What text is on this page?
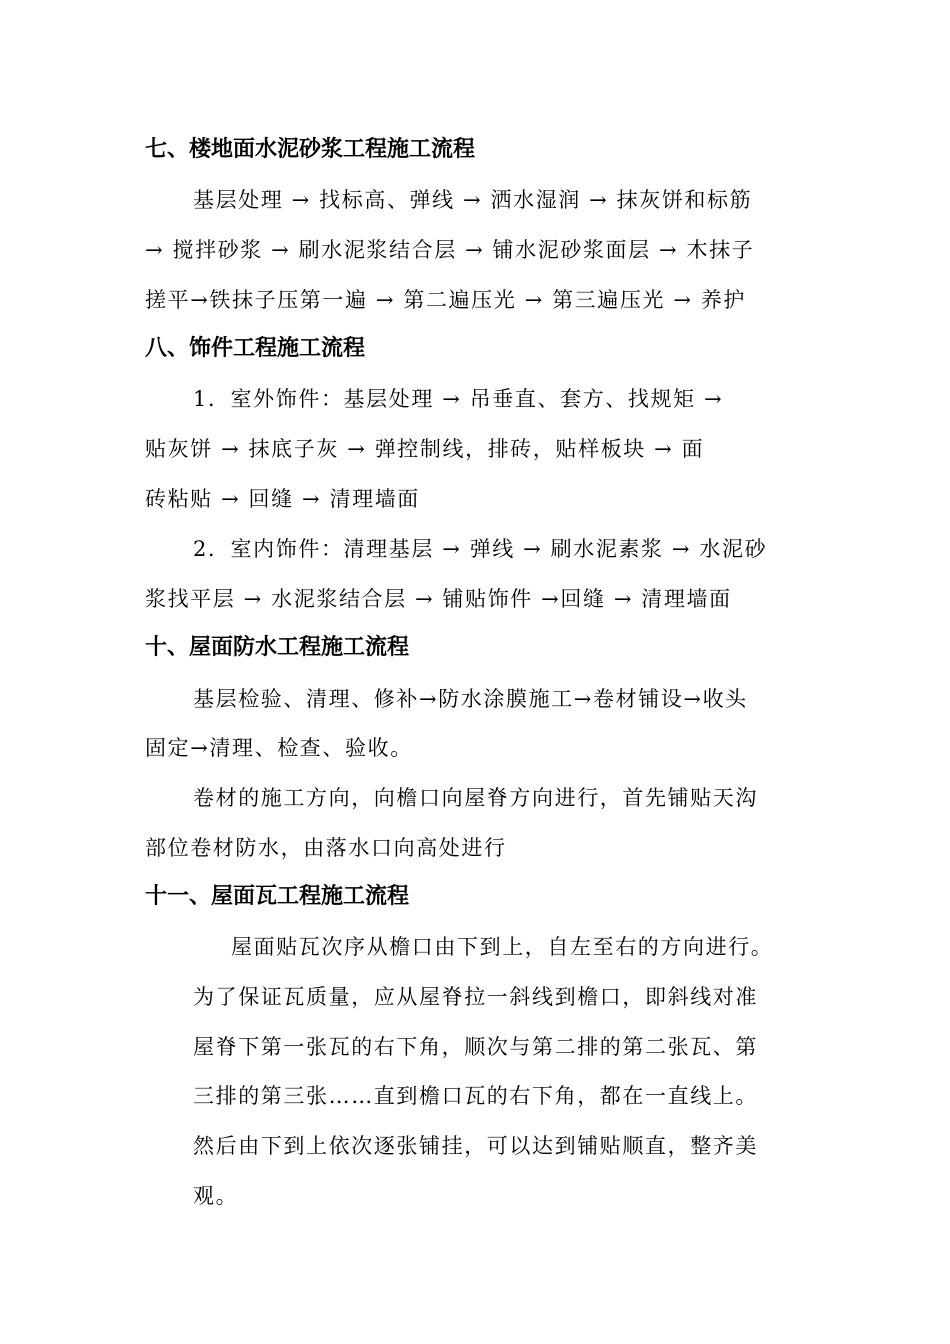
七、楼地面水泥砂浆工程施工流程
基层处理 → 找标高、弹线 → 洒水湿润 → 抹灰饼和标筋
→ 搅拌砂浆 → 刷水泥浆结合层 → 铺水泥砂浆面层 → 木抹子
搓平→铁抹子压第一遍 → 第二遍压光 → 第三遍压光 → 养护
八、饰件工程施工流程
1．室外饰件：基层处理 → 吊垂直、套方、找规矩 →
贴灰饼 → 抹底子灰 → 弹控制线，排砖，贴样板块 → 面
砖粘贴 → 回缝 → 清理墙面
2．室内饰件：清理基层 → 弹线 → 刷水泥素浆 → 水泥砂
浆找平层 → 水泥浆结合层 → 铺贴饰件 →回缝 → 清理墙面
十、屋面防水工程施工流程
基层检验、清理、修补→防水涂膜施工→卷材铺设→收头
固定→清理、检查、验收。
卷材的施工方向，向檐口向屋脊方向进行，首先铺贴天沟
部位卷材防水，由落水口向高处进行
十一、屋面瓦工程施工流程
屋面贴瓦次序从檐口由下到上，自左至右的方向进行。
为了保证瓦质量，应从屋脊拉一斜线到檐口，即斜线对准
屋脊下第一张瓦的右下角，顺次与第二排的第二张瓦、第
三排的第三张……直到檐口瓦的右下角，都在一直线上。
然后由下到上依次逐张铺挂，可以达到铺贴顺直，整齐美
观。
